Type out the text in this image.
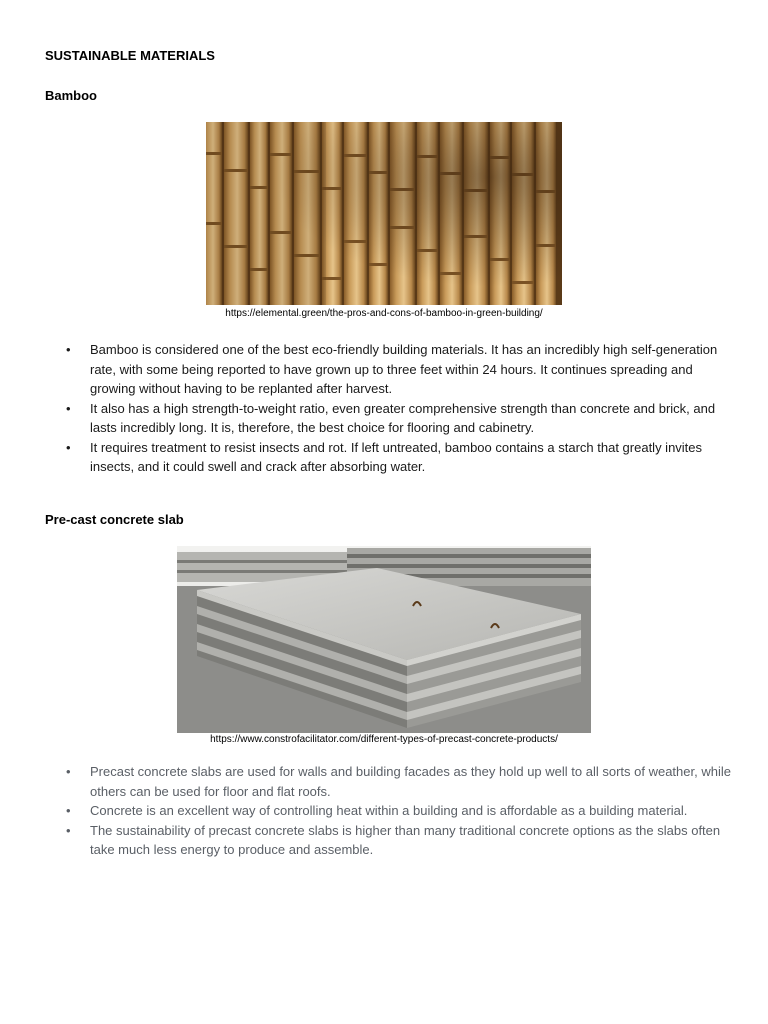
SUSTAINABLE MATERIALS
Bamboo
https://elemental.green/the-pros-and-cons-of-bamboo-in-green-building/
• Bamboo is considered one of the best eco-friendly building materials. It has an incredibly high self-generation rate, with some being reported to have grown up to three feet within 24 hours. It continues spreading and growing without having to be replanted after harvest.
• It also has a high strength-to-weight ratio, even greater comprehensive strength than concrete and brick, and lasts incredibly long. It is, therefore, the best choice for flooring and cabinetry.
• It requires treatment to resist insects and rot. If left untreated, bamboo contains a starch that greatly invites insects, and it could swell and crack after absorbing water.
Pre-cast concrete slab
https://www.constrofacilitator.com/different-types-of-precast-concrete-products/
• Precast concrete slabs are used for walls and building facades as they hold up well to all sorts of weather, while others can be used for floor and flat roofs.
• Concrete is an excellent way of controlling heat within a building and is affordable as a building material.
• The sustainability of precast concrete slabs is higher than many traditional concrete options as the slabs often take much less energy to produce and assemble.
